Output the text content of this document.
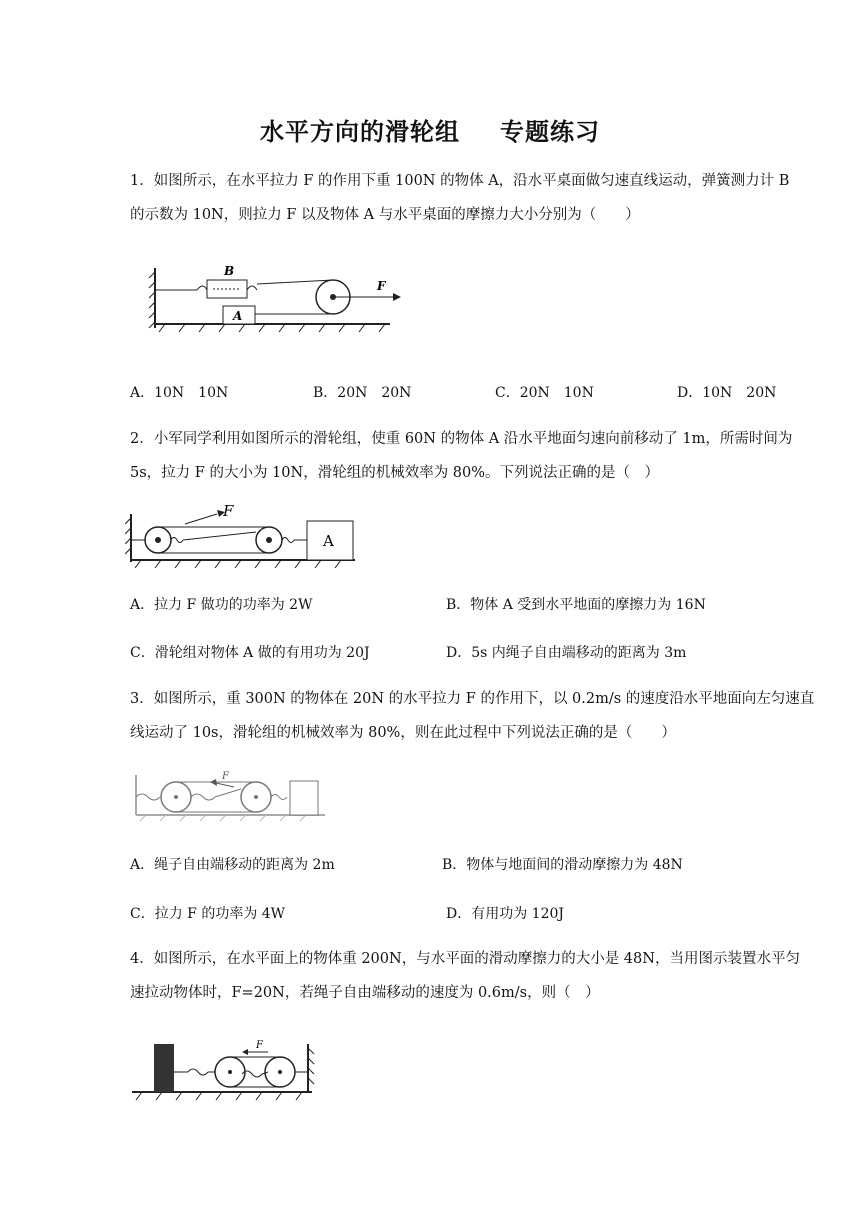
水平方向的滑轮组 专题练习
1．如图所示，在水平拉力 F 的作用下重 100N 的物体 A，沿水平桌面做匀速直线运动，弹簧测力计 B
的示数为 10N，则拉力 F 以及物体 A 与水平桌面的摩擦力大小分别为（　　）
B
A
F
A．10N　10N	B．20N　20N	C．20N　10N	D．10N　20N
2．小军同学利用如图所示的滑轮组，使重 60N 的物体 A 沿水平地面匀速向前移动了 1m，所需时间为
5s，拉力 F 的大小为 10N，滑轮组的机械效率为 80%。下列说法正确的是（　）
F
A
A．拉力 F 做功的功率为 2W	B．物体 A 受到水平地面的摩擦力为 16N
C．滑轮组对物体 A 做的有用功为 20J	D．5s 内绳子自由端移动的距离为 3m
3．如图所示，重 300N 的物体在 20N 的水平拉力 F 的作用下，以 0.2m/s 的速度沿水平地面向左匀速直
线运动了 10s，滑轮组的机械效率为 80%，则在此过程中下列说法正确的是（　　）
F
A．绳子自由端移动的距离为 2m	B．物体与地面间的滑动摩擦力为 48N
C．拉力 F 的功率为 4W	D．有用功为 120J
4．如图所示，在水平面上的物体重 200N，与水平面的滑动摩擦力的大小是 48N，当用图示装置水平匀
速拉动物体时，F=20N，若绳子自由端移动的速度为 0.6m/s，则（　）
F
